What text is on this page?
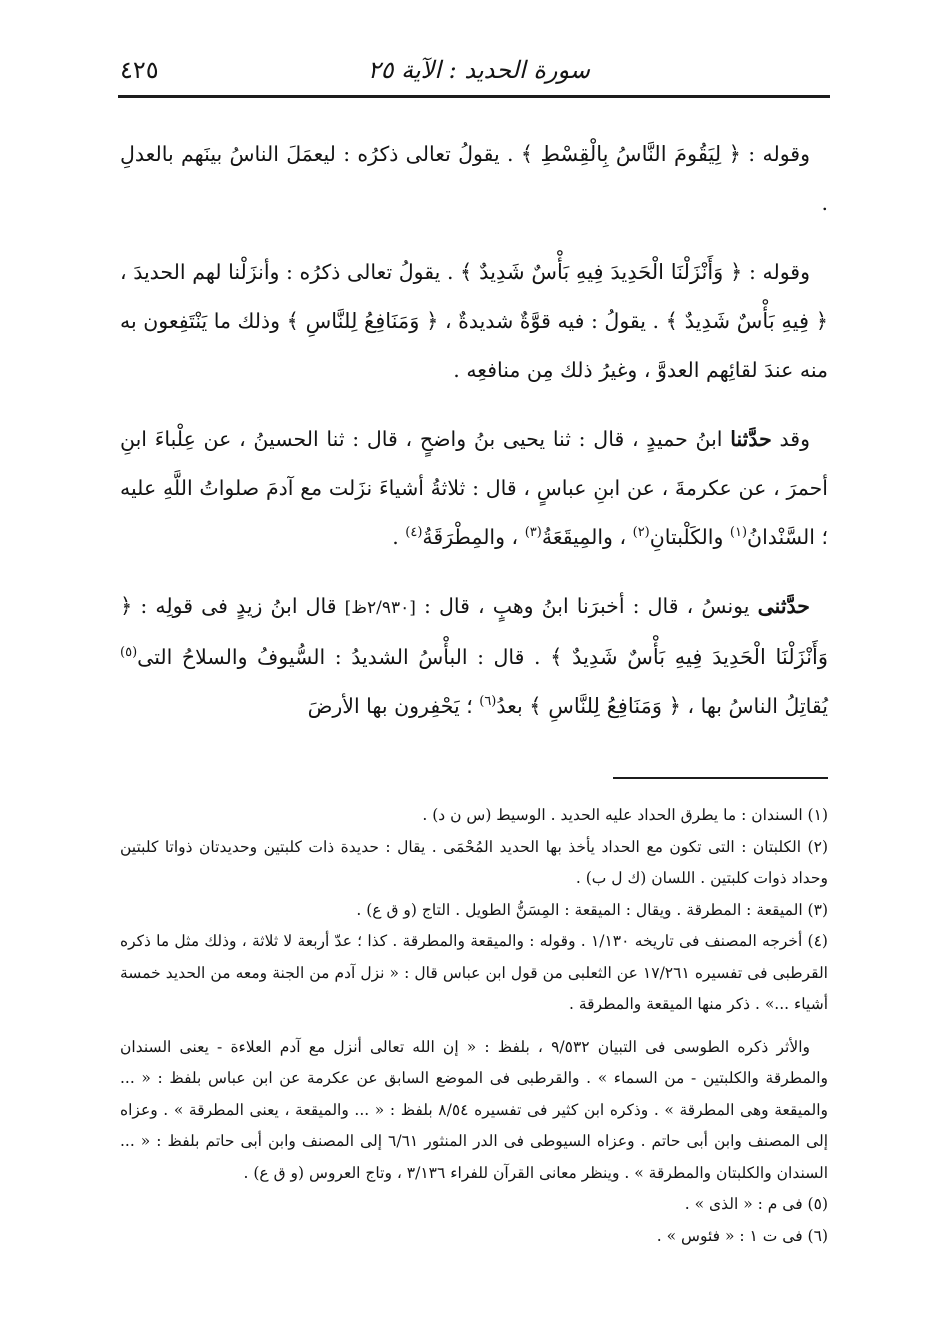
سورة الحديد : الآية ٢٥
٤٢٥

وقوله : ﴿ لِيَقُومَ النَّاسُ بِالْقِسْطِ ﴾ . يقولُ تعالى ذكرُه : ليعمَلَ الناسُ بينَهم بالعدلِ .

وقوله : ﴿ وَأَنْزَلْنَا الْحَدِيدَ فِيهِ بَأْسٌ شَدِيدٌ ﴾ . يقولُ تعالى ذكرُه : وأنزَلْنا لهم الحديدَ ، ﴿ فِيهِ بَأْسٌ شَدِيدٌ ﴾ . يقولُ : فيه قوَّةٌ شديدةٌ ، ﴿ وَمَنَافِعُ لِلنَّاسِ ﴾ وذلك ما يَنْتَفِعون به منه عندَ لقائِهم العدوَّ ، وغيرُ ذلك مِن منافعِه .

وقد حدَّثنا ابنُ حميدٍ ، قال : ثنا يحيى بنُ واضحٍ ، قال : ثنا الحسينُ ، عن عِلْباءَ ابنِ أحمرَ ، عن عكرمةَ ، عن ابنِ عباسٍ ، قال : ثلاثةُ أشياءَ نزَلت مع آدمَ صلواتُ اللَّهِ عليه ؛ السَّنْدانُ$^{(١)}$ والكَلْبتانِ$^{(٢)}$ ، والمِيقَعَةُ$^{(٣)}$ ، والمِطْرَقَةُ$^{(٤)}$ .

حدَّثنى يونسُ ، قال : أخبرَنا ابنُ وهبٍ ، قال : [٢/٩٣٠ظ] قال ابنُ زيدٍ فى قولِه : ﴿ وَأَنْزَلْنَا الْحَدِيدَ فِيهِ بَأْسٌ شَدِيدٌ ﴾ . قال : البأْسُ الشديدُ : السُّيوفُ والسلاحُ التى$^{(٥)}$ يُقاتِلُ الناسُ بها ، ﴿ وَمَنَافِعُ لِلنَّاسِ ﴾ بعدُ$^{(٦)}$ ؛ يَحْفِرون بها الأرضَ

(١) السندان : ما يطرق الحداد عليه الحديد . الوسيط (س ن د) .

(٢) الكلبتان : التى تكون مع الحداد يأخذ بها الحديد المُحْمَى . يقال : حديدة ذات كلبتين وحديدتان ذواتا كلبتين وحداد ذوات كلبتين . اللسان (ك ل ب) .

(٣) الميقعة : المطرقة . ويقال : الميقعة : المِسَنُّ الطويل . التاج (و ق ع) .

(٤) أخرجه المصنف فى تاريخه ١/١٣٠ . وقوله : والميقعة والمطرقة . كذا ؛ عدّ أربعة لا ثلاثة ، وذلك مثل ما ذكره القرطبى فى تفسيره ١٧/٢٦١ عن الثعلبى من قول ابن عباس قال : « نزل آدم من الجنة ومعه من الحديد خمسة أشياء ...» . ذكر منها الميقعة والمطرقة .

والأثر ذكره الطوسى فى التبيان ٩/٥٣٢ ، بلفظ : « إن الله تعالى أنزل مع آدم العلاءة - يعنى السندان والمطرقة والكلبتين - من السماء » . والقرطبى فى الموضع السابق عن عكرمة عن ابن عباس بلفظ : « ... والميقعة وهى المطرقة » . وذكره ابن كثير فى تفسيره ٨/٥٤ بلفظ : « ... والميقعة ، يعنى المطرقة » . وعزاه إلى المصنف وابن أبى حاتم . وعزاه السيوطى فى الدر المنثور ٦/٦١ إلى المصنف وابن أبى حاتم بلفظ : « ... السندان والكلبتان والمطرقة » . وينظر معانى القرآن للفراء ٣/١٣٦ ، وتاج العروس (و ق ع) .

(٥) فى م : « الذى » .

(٦) فى ت ١ : « فئوس » .
